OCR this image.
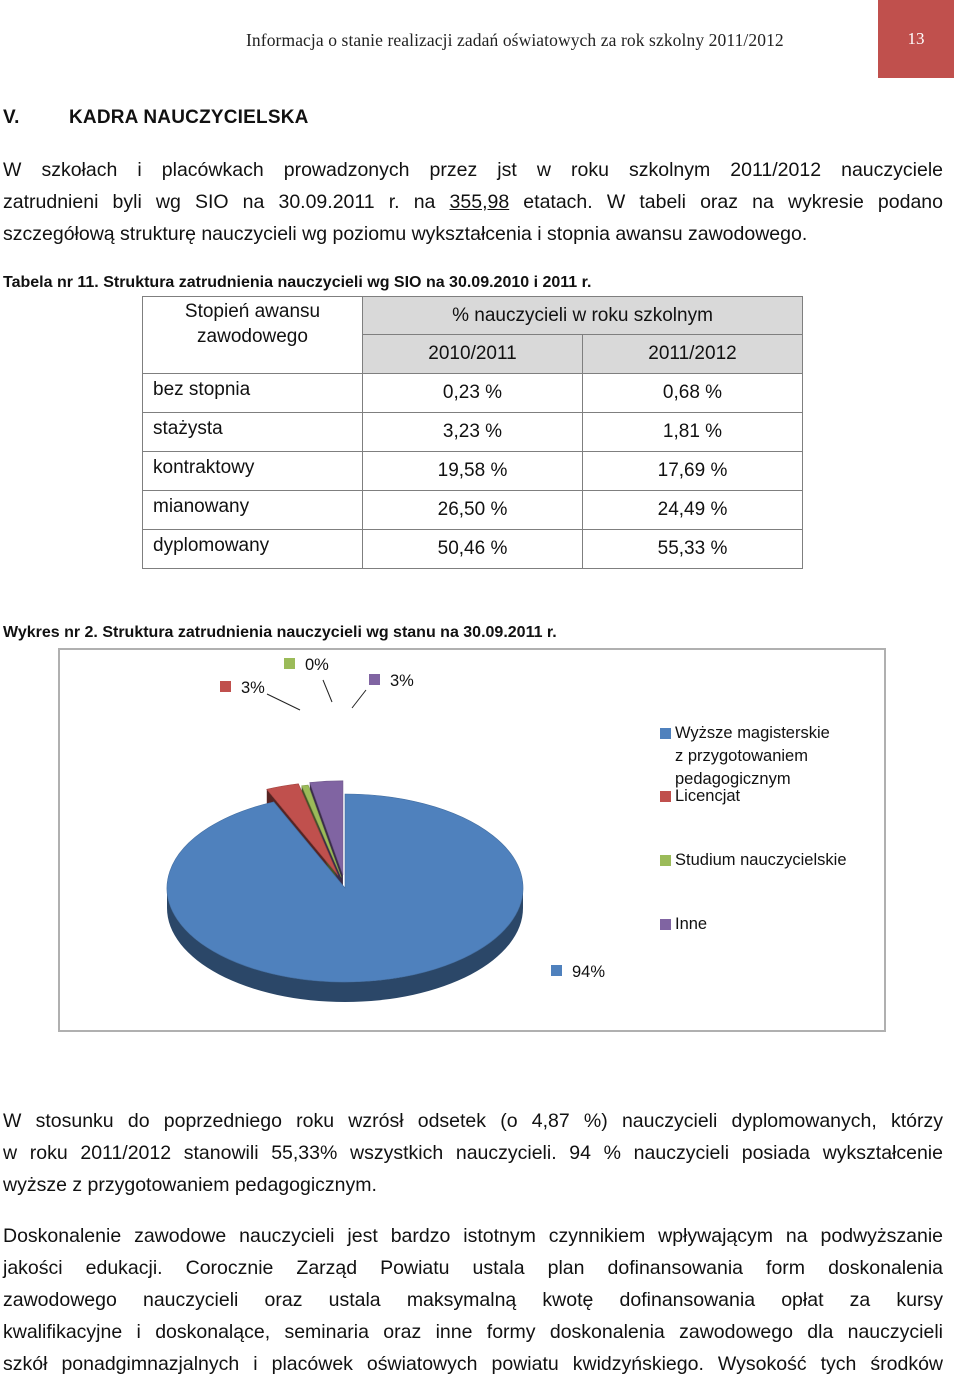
Informacja o stanie realizacji zadań oświatowych za rok szkolny 2011/2012	13
V.	KADRA NAUCZYCIELSKA
W szkołach i placówkach prowadzonych przez jst w roku szkolnym 2011/2012 nauczyciele
zatrudnieni byli wg SIO na 30.09.2011 r. na 355,98 etatach. W tabeli oraz na wykresie podano
szczegółową strukturę nauczycieli wg poziomu wykształcenia i stopnia awansu zawodowego.
Tabela nr 11. Struktura zatrudnienia nauczycieli wg SIO na 30.09.2010 i 2011 r.
Stopień awansu
zawodowego	% nauczycieli w roku szkolnym	
	2010/2011	2011/2012
bez stopnia	0,23 %	0,68 %
stażysta	3,23 %	1,81 %
kontraktowy	19,58 %	17,69 %
mianowany	26,50 %	24,49 %
dyplomowany	50,46 %	55,33 %
Wykres nr 2. Struktura zatrudnienia nauczycieli wg stanu na 30.09.2011 r.
3%
0%
3%
94%
Wyższe magisterskie
z przygotowaniem
pedagogicznym
Licencjat
Studium nauczycielskie
Inne
W stosunku do poprzedniego roku wzrósł odsetek (o 4,87 %) nauczycieli dyplomowanych, którzy
w roku 2011/2012 stanowili 55,33% wszystkich nauczycieli. 94 % nauczycieli posiada wykształcenie
wyższe z przygotowaniem pedagogicznym.
Doskonalenie zawodowe nauczycieli jest bardzo istotnym czynnikiem wpływającym na podwyższanie
jakości edukacji. Corocznie Zarząd Powiatu ustala plan dofinansowania form doskonalenia
zawodowego nauczycieli oraz ustala maksymalną kwotę dofinansowania opłat za kursy
kwalifikacyjne i doskonalące, seminaria oraz inne formy doskonalenia zawodowego dla nauczycieli
szkół ponadgimnazjalnych i placówek oświatowych powiatu kwidzyńskiego. Wysokość tych środków
